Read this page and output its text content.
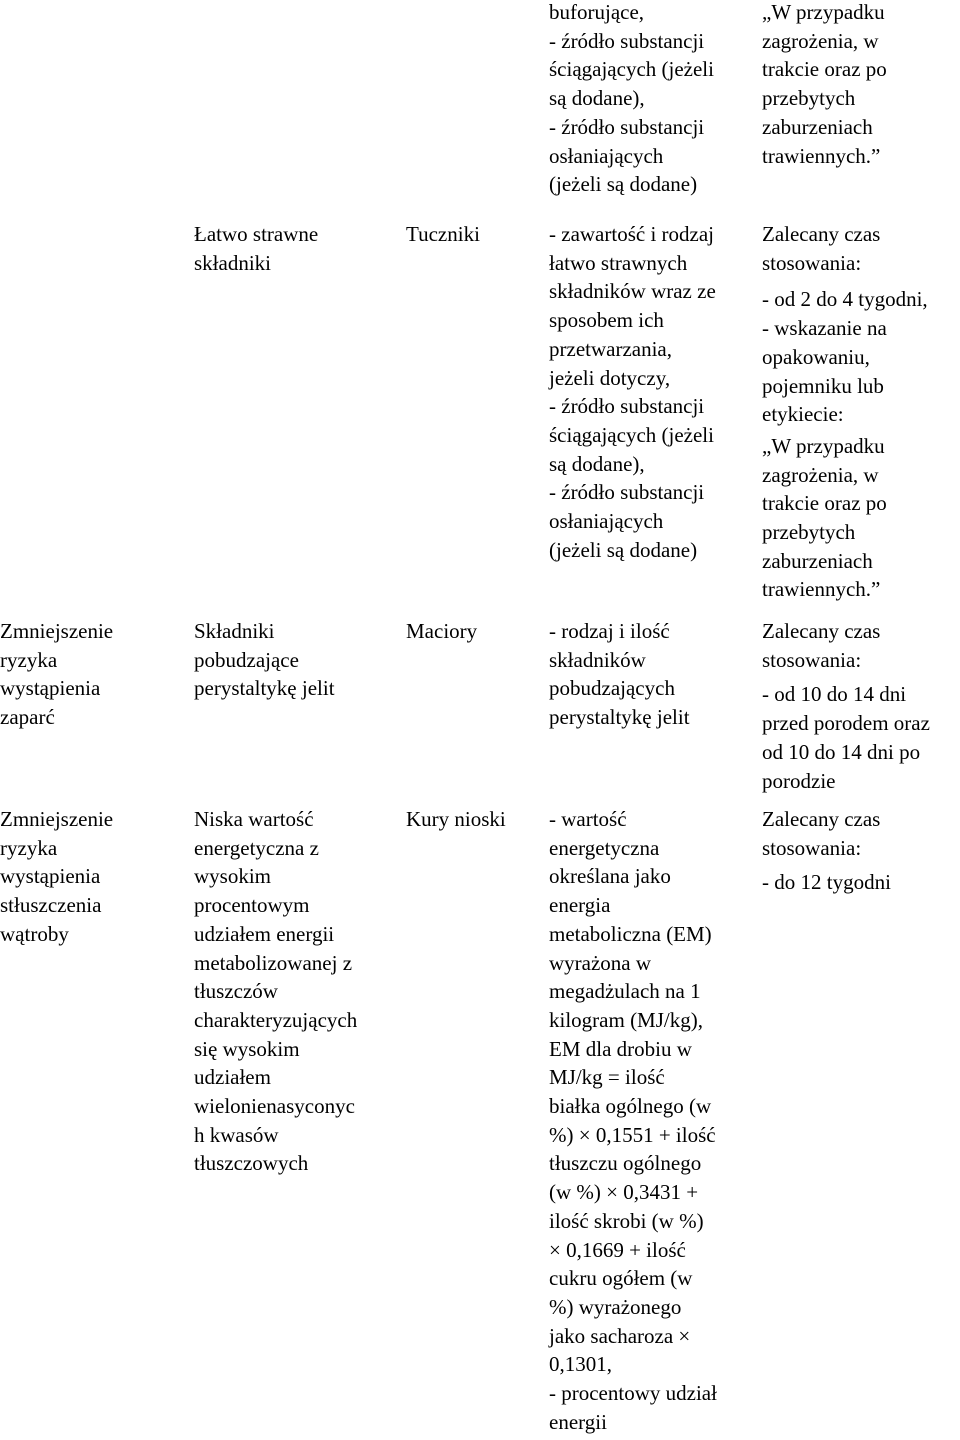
buforujące,
- źródło substancji
ściągających (jeżeli
są dodane),
- źródło substancji
osłaniających
(jeżeli są dodane)
„W przypadku
zagrożenia, w
trakcie oraz po
przebytych
zaburzeniach
trawiennych.”
Łatwo strawne
składniki
Tuczniki	- zawartość i rodzaj
łatwo strawnych
składników wraz ze
sposobem ich
przetwarzania,
jeżeli dotyczy,
- źródło substancji
ściągających (jeżeli
są dodane),
- źródło substancji
osłaniających
(jeżeli są dodane)
Zalecany czas
stosowania:
- od 2 do 4 tygodni,
- wskazanie na
opakowaniu,
pojemniku lub
etykiecie:
„W przypadku
zagrożenia, w
trakcie oraz po
przebytych
zaburzeniach
trawiennych.”
Zmniejszenie
ryzyka
wystąpienia
zaparć
Składniki
pobudzające
perystaltykę jelit
Maciory	- rodzaj i ilość
składników
pobudzających
perystaltykę jelit
Zalecany czas
stosowania:
- od 10 do 14 dni
przed porodem oraz
od 10 do 14 dni po
porodzie
Zmniejszenie
ryzyka
wystąpienia
stłuszczenia
wątroby
Niska wartość
energetyczna z
wysokim
procentowym
udziałem energii
metabolizowanej z
tłuszczów
charakteryzujących
się wysokim
udziałem
wielonienasyconyc
h kwasów
tłuszczowych
Kury nioski - wartość
energetyczna
określana jako
energia
metaboliczna (EM)
wyrażona w
megadżulach na 1
kilogram (MJ/kg),
EM dla drobiu w
MJ/kg = ilość
białka ogólnego (w
%) × 0,1551 + ilość
tłuszczu ogólnego
(w %) × 0,3431 +
ilość skrobi (w %)
× 0,1669 + ilość
cukru ogółem (w
%) wyrażonego
jako sacharoza ×
0,1301,
- procentowy udział
energii
Zalecany czas
stosowania:
- do 12 tygodni
